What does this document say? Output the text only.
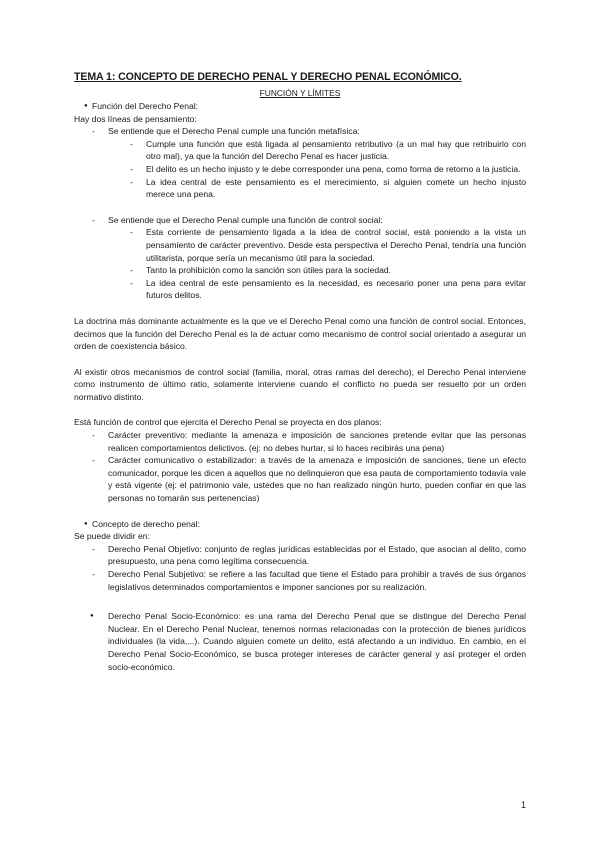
TEMA 1: CONCEPTO DE DERECHO PENAL Y DERECHO PENAL ECONÓMICO.
FUNCIÓN Y LÍMITES

● Función del Derecho Penal:

Hay dos líneas de pensamiento:

- Se entiende que el Derecho Penal cumple una función metafísica:

- Cumple una función que está ligada al pensamiento retributivo (a un mal hay que retribuirlo con otro mal), ya que la función del Derecho Penal es hacer justicia.

- El delito es un hecho injusto y le debe corresponder una pena, como forma de retorno a la justicia.

- La idea central de este pensamiento es el merecimiento, si alguien comete un hecho injusto merece una pena.

- Se entiende que el Derecho Penal cumple una función de control social:

- Esta corriente de pensamiento ligada a la idea de control social, está poniendo a la vista un pensamiento de carácter preventivo. Desde esta perspectiva el Derecho Penal, tendría una función utilitarista, porque sería un mecanismo útil para la sociedad.

- Tanto la prohibición como la sanción son útiles para la sociedad.

- La idea central de este pensamiento es la necesidad, es necesario poner una pena para evitar futuros delitos.

La doctrina más dominante actualmente es la que ve el Derecho Penal como una función de control social. Entonces, decimos que la función del Derecho Penal es la de actuar como mecanismo de control social orientado a asegurar un orden de coexistencia básico.

Al existir otros mecanismos de control social (familia, moral, otras ramas del derecho), el Derecho Penal interviene como instrumento de último ratio, solamente interviene cuando el conflicto no pueda ser resuelto por un orden normativo distinto.

Está función de control que ejercita el Derecho Penal se proyecta en dos planos:

- Carácter preventivo: mediante la amenaza e imposición de sanciones pretende evitar que las personas realicen comportamientos delictivos. (ej: no debes hurtar, si lo haces recibirás una pena)

- Carácter comunicativo o estabilizador: a través de la amenaza e imposición de sanciones, tiene un efecto comunicador, porque les dicen a aquellos que no delinquieron que esa pauta de comportamiento todavía vale y está vigente (ej: el patrimonio vale, ustedes que no han realizado ningún hurto, pueden confiar en que las personas no tomarán sus pertenencias)

● Concepto de derecho penal:

Se puede dividir en:

- Derecho Penal Objetivo: conjunto de reglas jurídicas establecidas por el Estado, que asocian al delito, como presupuesto, una pena como legítima consecuencia.

- Derecho Penal Subjetivo: se refiere a las facultad que tiene el Estado para prohibir a través de sus órganos legislativos determinados comportamientos e imponer sanciones por su realización.

● Derecho Penal Socio-Económico: es una rama del Derecho Penal que se distingue del Derecho Penal Nuclear. En el Derecho Penal Nuclear, tenemos normas relacionadas con la protección de bienes jurídicos individuales (la vida,...). Cuando alguien comete un delito, está afectando a un individuo. En cambio, en el Derecho Penal Socio-Económico, se busca proteger intereses de carácter general y así proteger el orden socio-económico.

1
